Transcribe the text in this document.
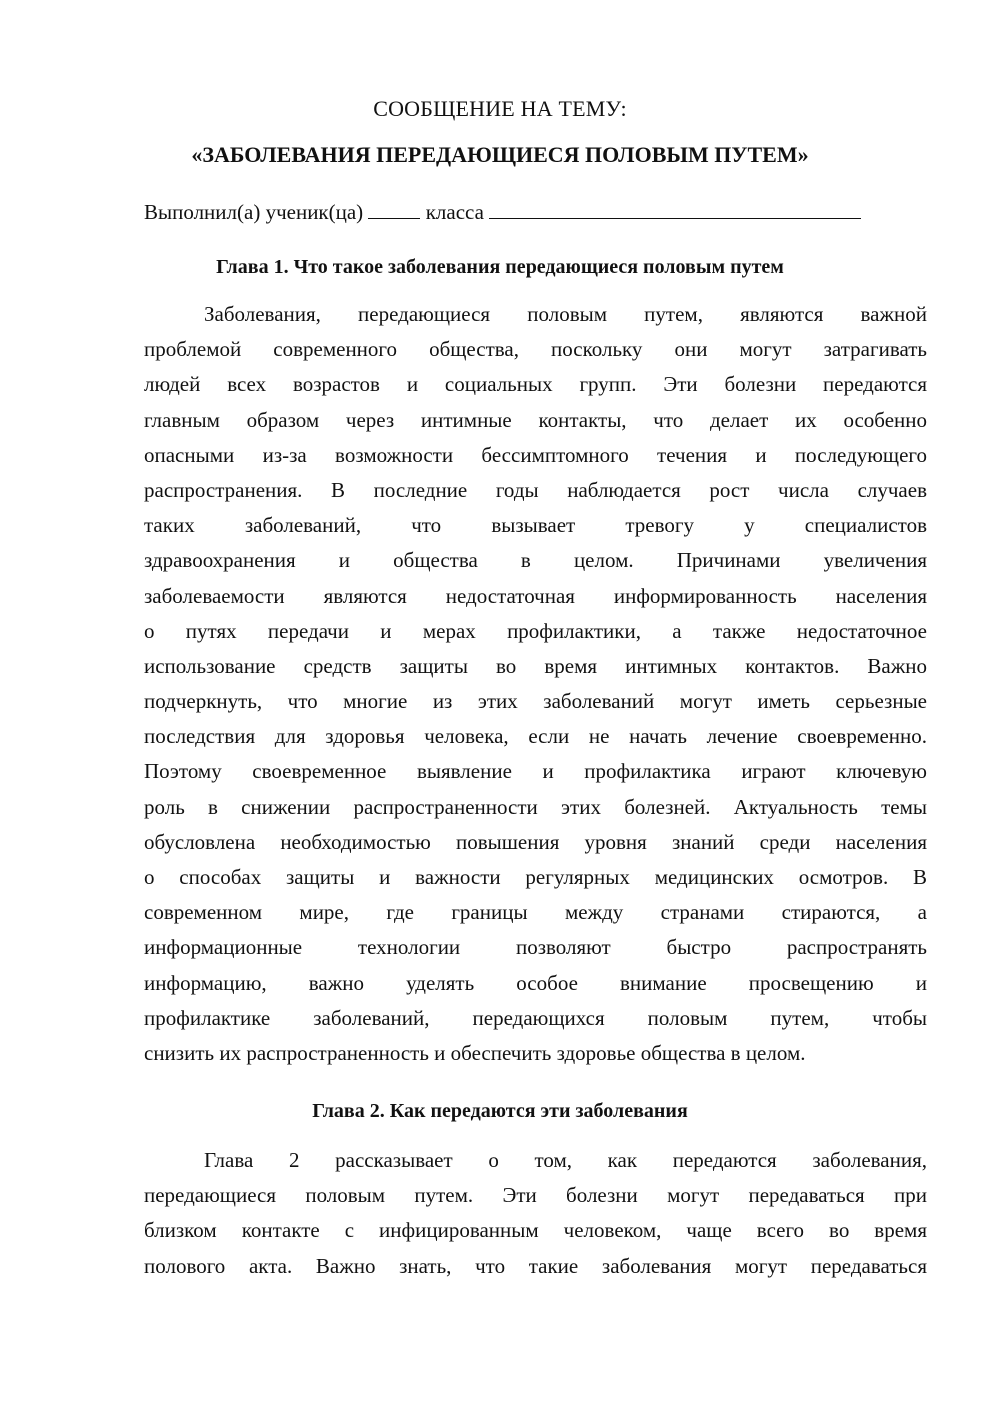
СООБЩЕНИЕ НА ТЕМУ:
«ЗАБОЛЕВАНИЯ ПЕРЕДАЮЩИЕСЯ ПОЛОВЫМ ПУТЕМ»
Выполнил(а) ученик(ца)	класса
Глава 1. Что такое заболевания передающиеся половым путем
Заболевания, передающиеся половым путем, являются важной
проблемой современного общества, поскольку они могут затрагивать
людей всех возрастов и социальных групп. Эти болезни передаются
главным образом через интимные контакты, что делает их особенно
опасными из-за возможности бессимптомного течения и последующего
распространения. В последние годы наблюдается рост числа случаев
таких заболеваний, что вызывает тревогу у специалистов
здравоохранения и общества в целом. Причинами увеличения
заболеваемости являются недостаточная информированность населения
о путях передачи и мерах профилактики, а также недостаточное
использование средств защиты во время интимных контактов. Важно
подчеркнуть, что многие из этих заболеваний могут иметь серьезные
последствия для здоровья человека, если не начать лечение своевременно.
Поэтому своевременное выявление и профилактика играют ключевую
роль в снижении распространенности этих болезней. Актуальность темы
обусловлена необходимостью повышения уровня знаний среди населения
о способах защиты и важности регулярных медицинских осмотров. В
современном мире, где границы между странами стираются, а
информационные технологии позволяют быстро распространять
информацию, важно уделять особое внимание просвещению и
профилактике заболеваний, передающихся половым путем, чтобы
снизить их распространенность и обеспечить здоровье общества в целом.
Глава 2. Как передаются эти заболевания
Глава 2 рассказывает о том, как передаются заболевания,
передающиеся половым путем. Эти болезни могут передаваться при
близком контакте с инфицированным человеком, чаще всего во время
полового акта. Важно знать, что такие заболевания могут передаваться
